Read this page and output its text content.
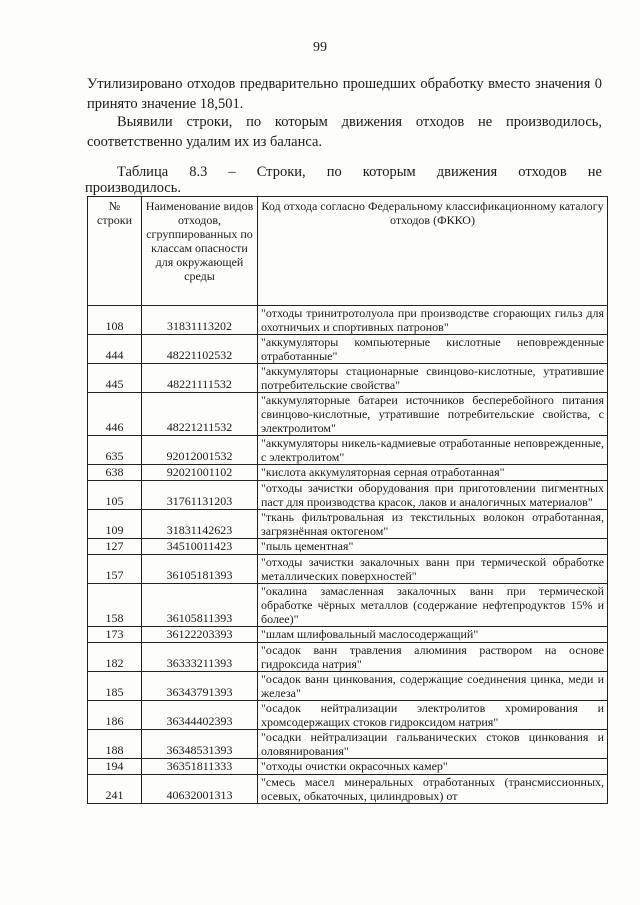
99

Утилизировано отходов предварительно прошедших обработку вместо значения 0 принято значение 18,501.

Выявили строки, по которым движения отходов не производилось, соответственно удалим их из баланса.

Таблица 8.3 – Строки, по которым движения отходов не
производилось.
№ строки	Наименование видов отходов, сгруппированных по классам опасности для окружающей среды	Код отхода согласно Федеральному классификационному каталогу отходов (ФККО)
108	31831113202	"отходы тринитротолуола при производстве сгорающих гильз для охотничьих и спортивных патронов"
444	48221102532	"аккумуляторы компьютерные кислотные неповрежденные отработанные"
445	48221111532	"аккумуляторы стационарные свинцово-кислотные, утратившие потребительские свойства"
446	48221211532	"аккумуляторные батареи источников бесперебойного питания свинцово-кислотные, утратившие потребительские свойства, с электролитом"
635	92012001532	"аккумуляторы никель-кадмиевые отработанные неповрежденные, с электролитом"
638	92021001102	"кислота аккумуляторная серная отработанная"
105	31761131203	"отходы зачистки оборудования при приготовлении пигментных паст для производства красок, лаков и аналогичных материалов"
109	31831142623	"ткань фильтровальная из текстильных волокон отработанная, загрязнённая октогеном"
127	34510011423	"пыль цементная"
157	36105181393	"отходы зачистки закалочных ванн при термической обработке металлических поверхностей"
158	36105811393	"окалина замасленная закалочных ванн при термической обработке чёрных металлов (содержание нефтепродуктов 15% и более)"
173	36122203393	"шлам шлифовальный маслосодержащий"
182	36333211393	"осадок ванн травления алюминия раствором на основе гидроксида натрия"
185	36343791393	"осадок ванн цинкования, содержащие соединения цинка, меди и железа"
186	36344402393	"осадок нейтрализации электролитов хромирования и хромсодержащих стоков гидроксидом натрия"
188	36348531393	"осадки нейтрализации гальванических стоков цинкования и оловянирования"
194	36351811333	"отходы очистки окрасочных камер"
241	40632001313	"смесь масел минеральных отработанных (трансмиссионных, осевых, обкаточных, цилиндровых) от
